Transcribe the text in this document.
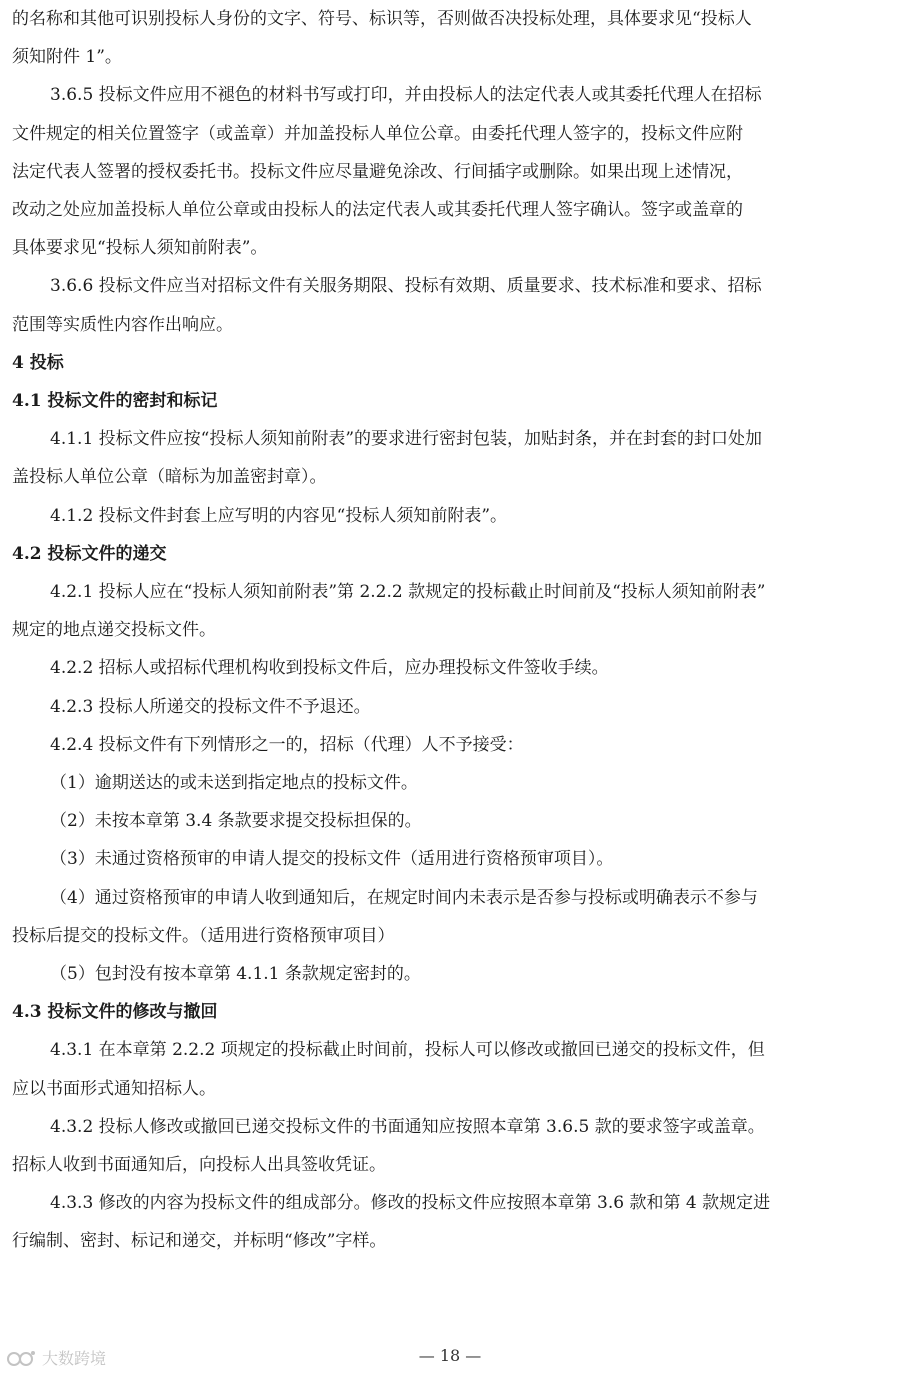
的名称和其他可识别投标人身份的文字、符号、标识等，否则做否决投标处理，具体要求见“投标人
须知附件 1”。
3.6.5 投标文件应用不褪色的材料书写或打印，并由投标人的法定代表人或其委托代理人在招标
文件规定的相关位置签字（或盖章）并加盖投标人单位公章。由委托代理人签字的，投标文件应附
法定代表人签署的授权委托书。投标文件应尽量避免涂改、行间插字或删除。如果出现上述情况，
改动之处应加盖投标人单位公章或由投标人的法定代表人或其委托代理人签字确认。签字或盖章的
具体要求见“投标人须知前附表”。
3.6.6 投标文件应当对招标文件有关服务期限、投标有效期、质量要求、技术标准和要求、招标
范围等实质性内容作出响应。
4 投标
4.1 投标文件的密封和标记
4.1.1 投标文件应按“投标人须知前附表”的要求进行密封包装，加贴封条，并在封套的封口处加
盖投标人单位公章（暗标为加盖密封章）。
4.1.2 投标文件封套上应写明的内容见“投标人须知前附表”。
4.2 投标文件的递交
4.2.1 投标人应在“投标人须知前附表”第 2.2.2 款规定的投标截止时间前及“投标人须知前附表”
规定的地点递交投标文件。
4.2.2 招标人或招标代理机构收到投标文件后，应办理投标文件签收手续。
4.2.3 投标人所递交的投标文件不予退还。
4.2.4 投标文件有下列情形之一的，招标（代理）人不予接受：
（1）逾期送达的或未送到指定地点的投标文件。
（2）未按本章第 3.4 条款要求提交投标担保的。
（3）未通过资格预审的申请人提交的投标文件（适用进行资格预审项目）。
（4）通过资格预审的申请人收到通知后，在规定时间内未表示是否参与投标或明确表示不参与
投标后提交的投标文件。（适用进行资格预审项目）
（5）包封没有按本章第 4.1.1 条款规定密封的。
4.3 投标文件的修改与撤回
4.3.1 在本章第 2.2.2 项规定的投标截止时间前，投标人可以修改或撤回已递交的投标文件，但
应以书面形式通知招标人。
4.3.2 投标人修改或撤回已递交投标文件的书面通知应按照本章第 3.6.5 款的要求签字或盖章。
招标人收到书面通知后，向投标人出具签收凭证。
4.3.3 修改的内容为投标文件的组成部分。修改的投标文件应按照本章第 3.6 款和第 4 款规定进
行编制、密封、标记和递交，并标明“修改”字样。
大数跨境	— 18 —
